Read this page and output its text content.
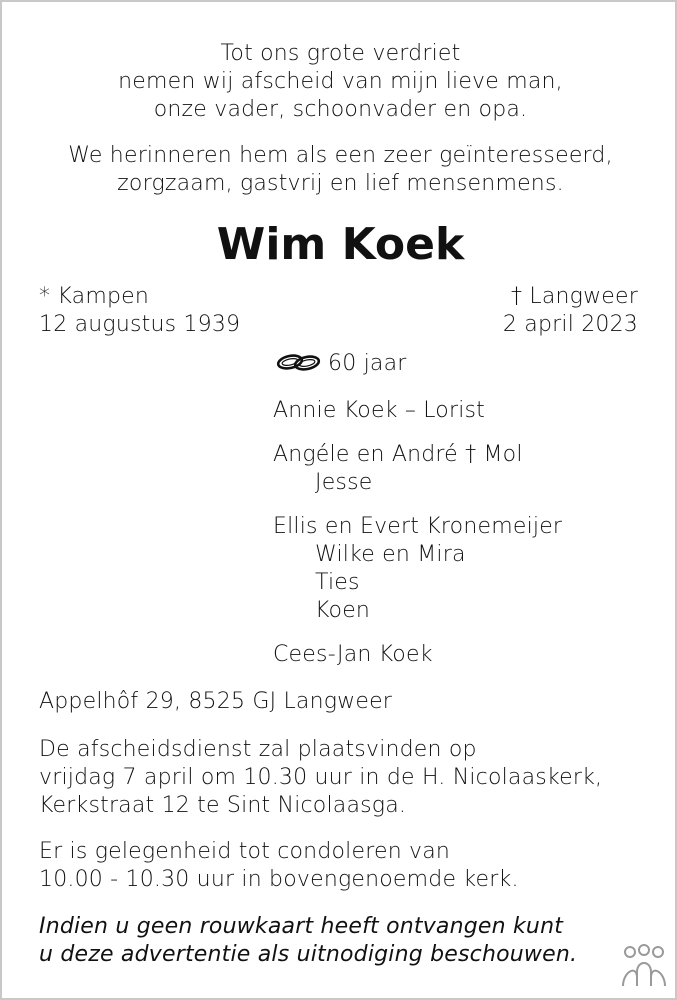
Tot ons grote verdriet
nemen wij afscheid van mijn lieve man,
onze vader, schoonvader en opa.
We herinneren hem als een zeer geïnteresseerd,
zorgzaam, gastvrij en lief mensenmens.
Wim Koek
* Kampen
12 augustus 1939
† Langweer
2 april 2023
60 jaar
Annie Koek – Lorist
Angéle en André † Mol
Jesse
Ellis en Evert Kronemeijer
Wilke en Mira
Ties
Koen
Cees-Jan Koek
Appelhôf 29, 8525 GJ Langweer
De afscheidsdienst zal plaatsvinden op
vrijdag 7 april om 10.30 uur in de H. Nicolaaskerk,
Kerkstraat 12 te Sint Nicolaasga.
Er is gelegenheid tot condoleren van
10.00 - 10.30 uur in bovengenoemde kerk.
Indien u geen rouwkaart heeft ontvangen kunt
u deze advertentie als uitnodiging beschouwen.
